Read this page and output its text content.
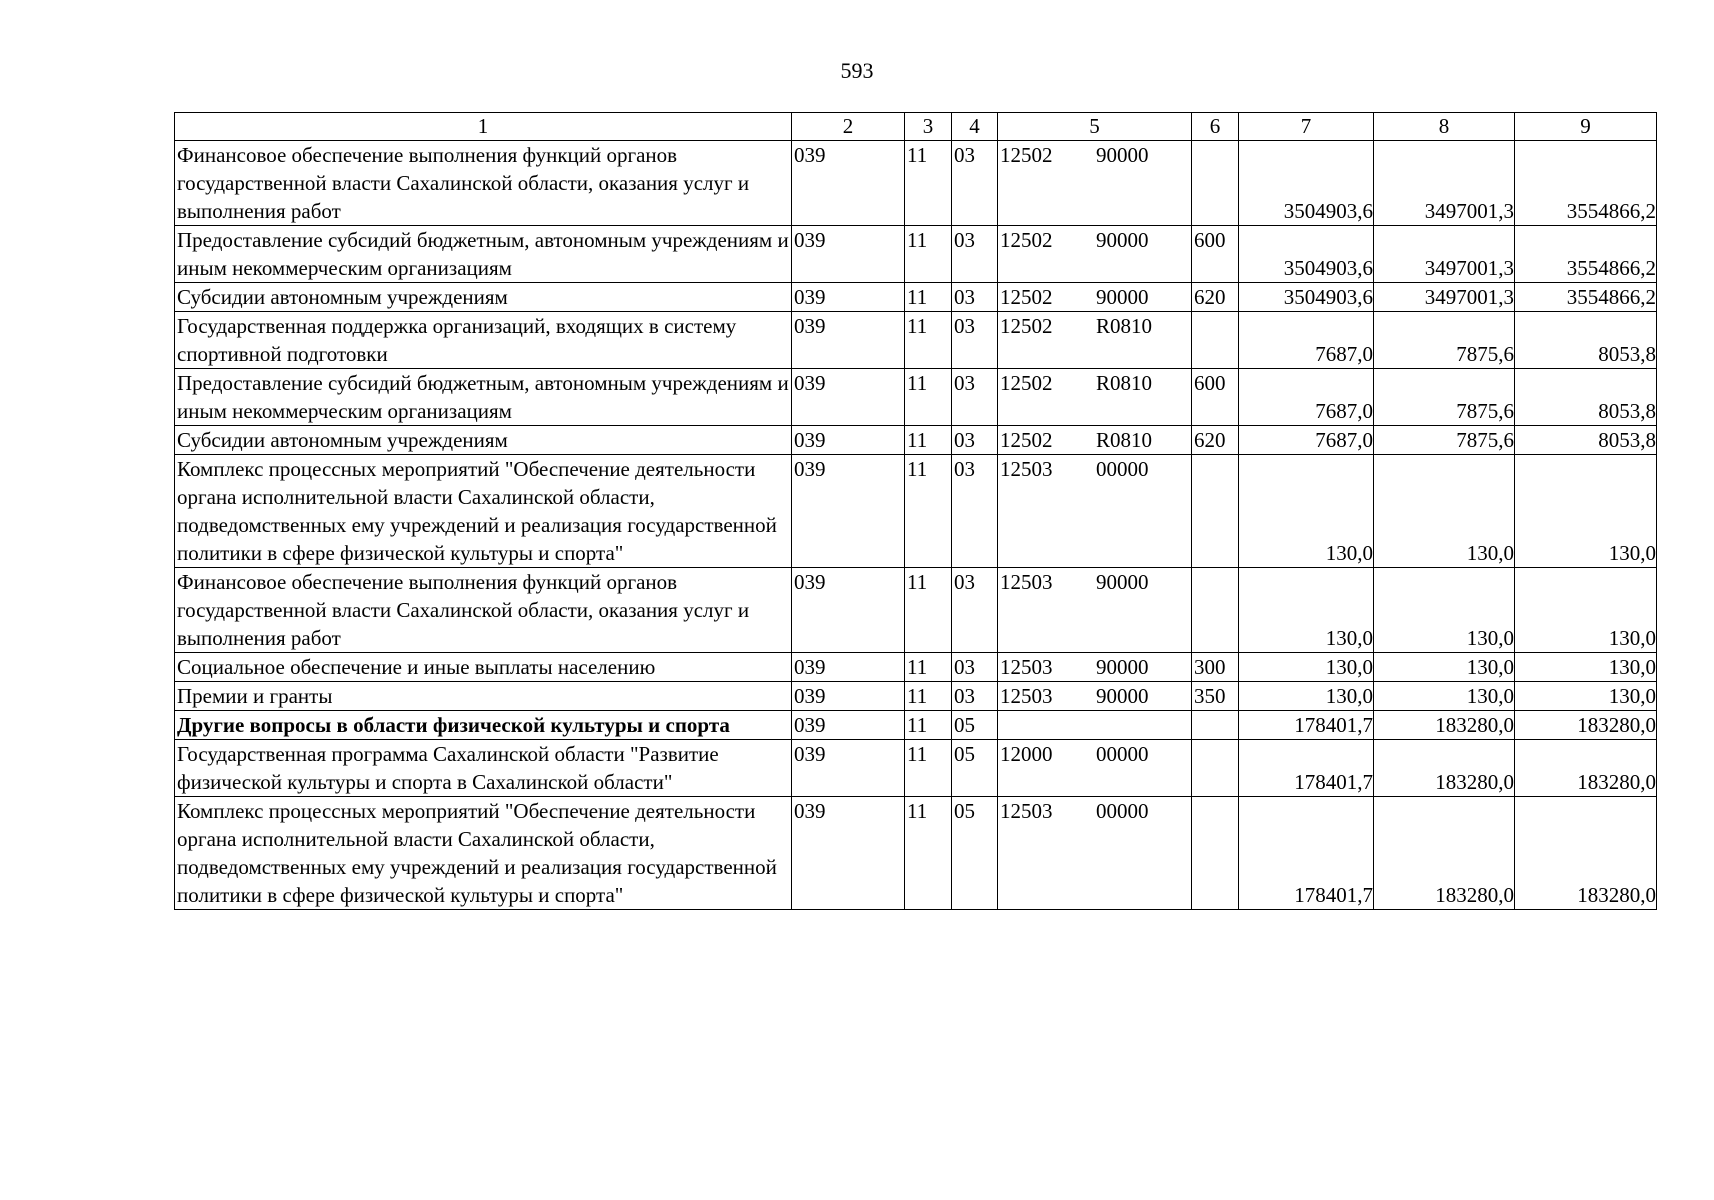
593
1	2	3	4	5	6	7	8	9
Финансовое обеспечение выполнения функций органов государственной власти Сахалинской области, оказания услуг и выполнения работ	039	11	03	12502 90000		3504903,6	3497001,3	3554866,2
Предоставление субсидий бюджетным, автономным учреждениям и иным некоммерческим организациям	039	11	03	12502 90000	600	3504903,6	3497001,3	3554866,2
Субсидии автономным учреждениям	039	11	03	12502 90000	620	3504903,6	3497001,3	3554866,2
Государственная поддержка организаций, входящих в систему спортивной подготовки	039	11	03	12502 R0810		7687,0	7875,6	8053,8
Предоставление субсидий бюджетным, автономным учреждениям и иным некоммерческим организациям	039	11	03	12502 R0810	600	7687,0	7875,6	8053,8
Субсидии автономным учреждениям	039	11	03	12502 R0810	620	7687,0	7875,6	8053,8
Комплекс процессных мероприятий "Обеспечение деятельности органа исполнительной власти Сахалинской области, подведомственных ему учреждений и реализация государственной политики в сфере физической культуры и спорта"	039	11	03	12503 00000		130,0	130,0	130,0
Финансовое обеспечение выполнения функций органов государственной власти Сахалинской области, оказания услуг и выполнения работ	039	11	03	12503 90000		130,0	130,0	130,0
Социальное обеспечение и иные выплаты населению	039	11	03	12503 90000	300	130,0	130,0	130,0
Премии и гранты	039	11	03	12503 90000	350	130,0	130,0	130,0
Другие вопросы в области физической культуры и спорта	039	11	05			178401,7	183280,0	183280,0
Государственная программа Сахалинской области "Развитие физической культуры и спорта в Сахалинской области"	039	11	05	12000 00000		178401,7	183280,0	183280,0
Комплекс процессных мероприятий "Обеспечение деятельности органа исполнительной власти Сахалинской области, подведомственных ему учреждений и реализация государственной политики в сфере физической культуры и спорта"	039	11	05	12503 00000		178401,7	183280,0	183280,0
